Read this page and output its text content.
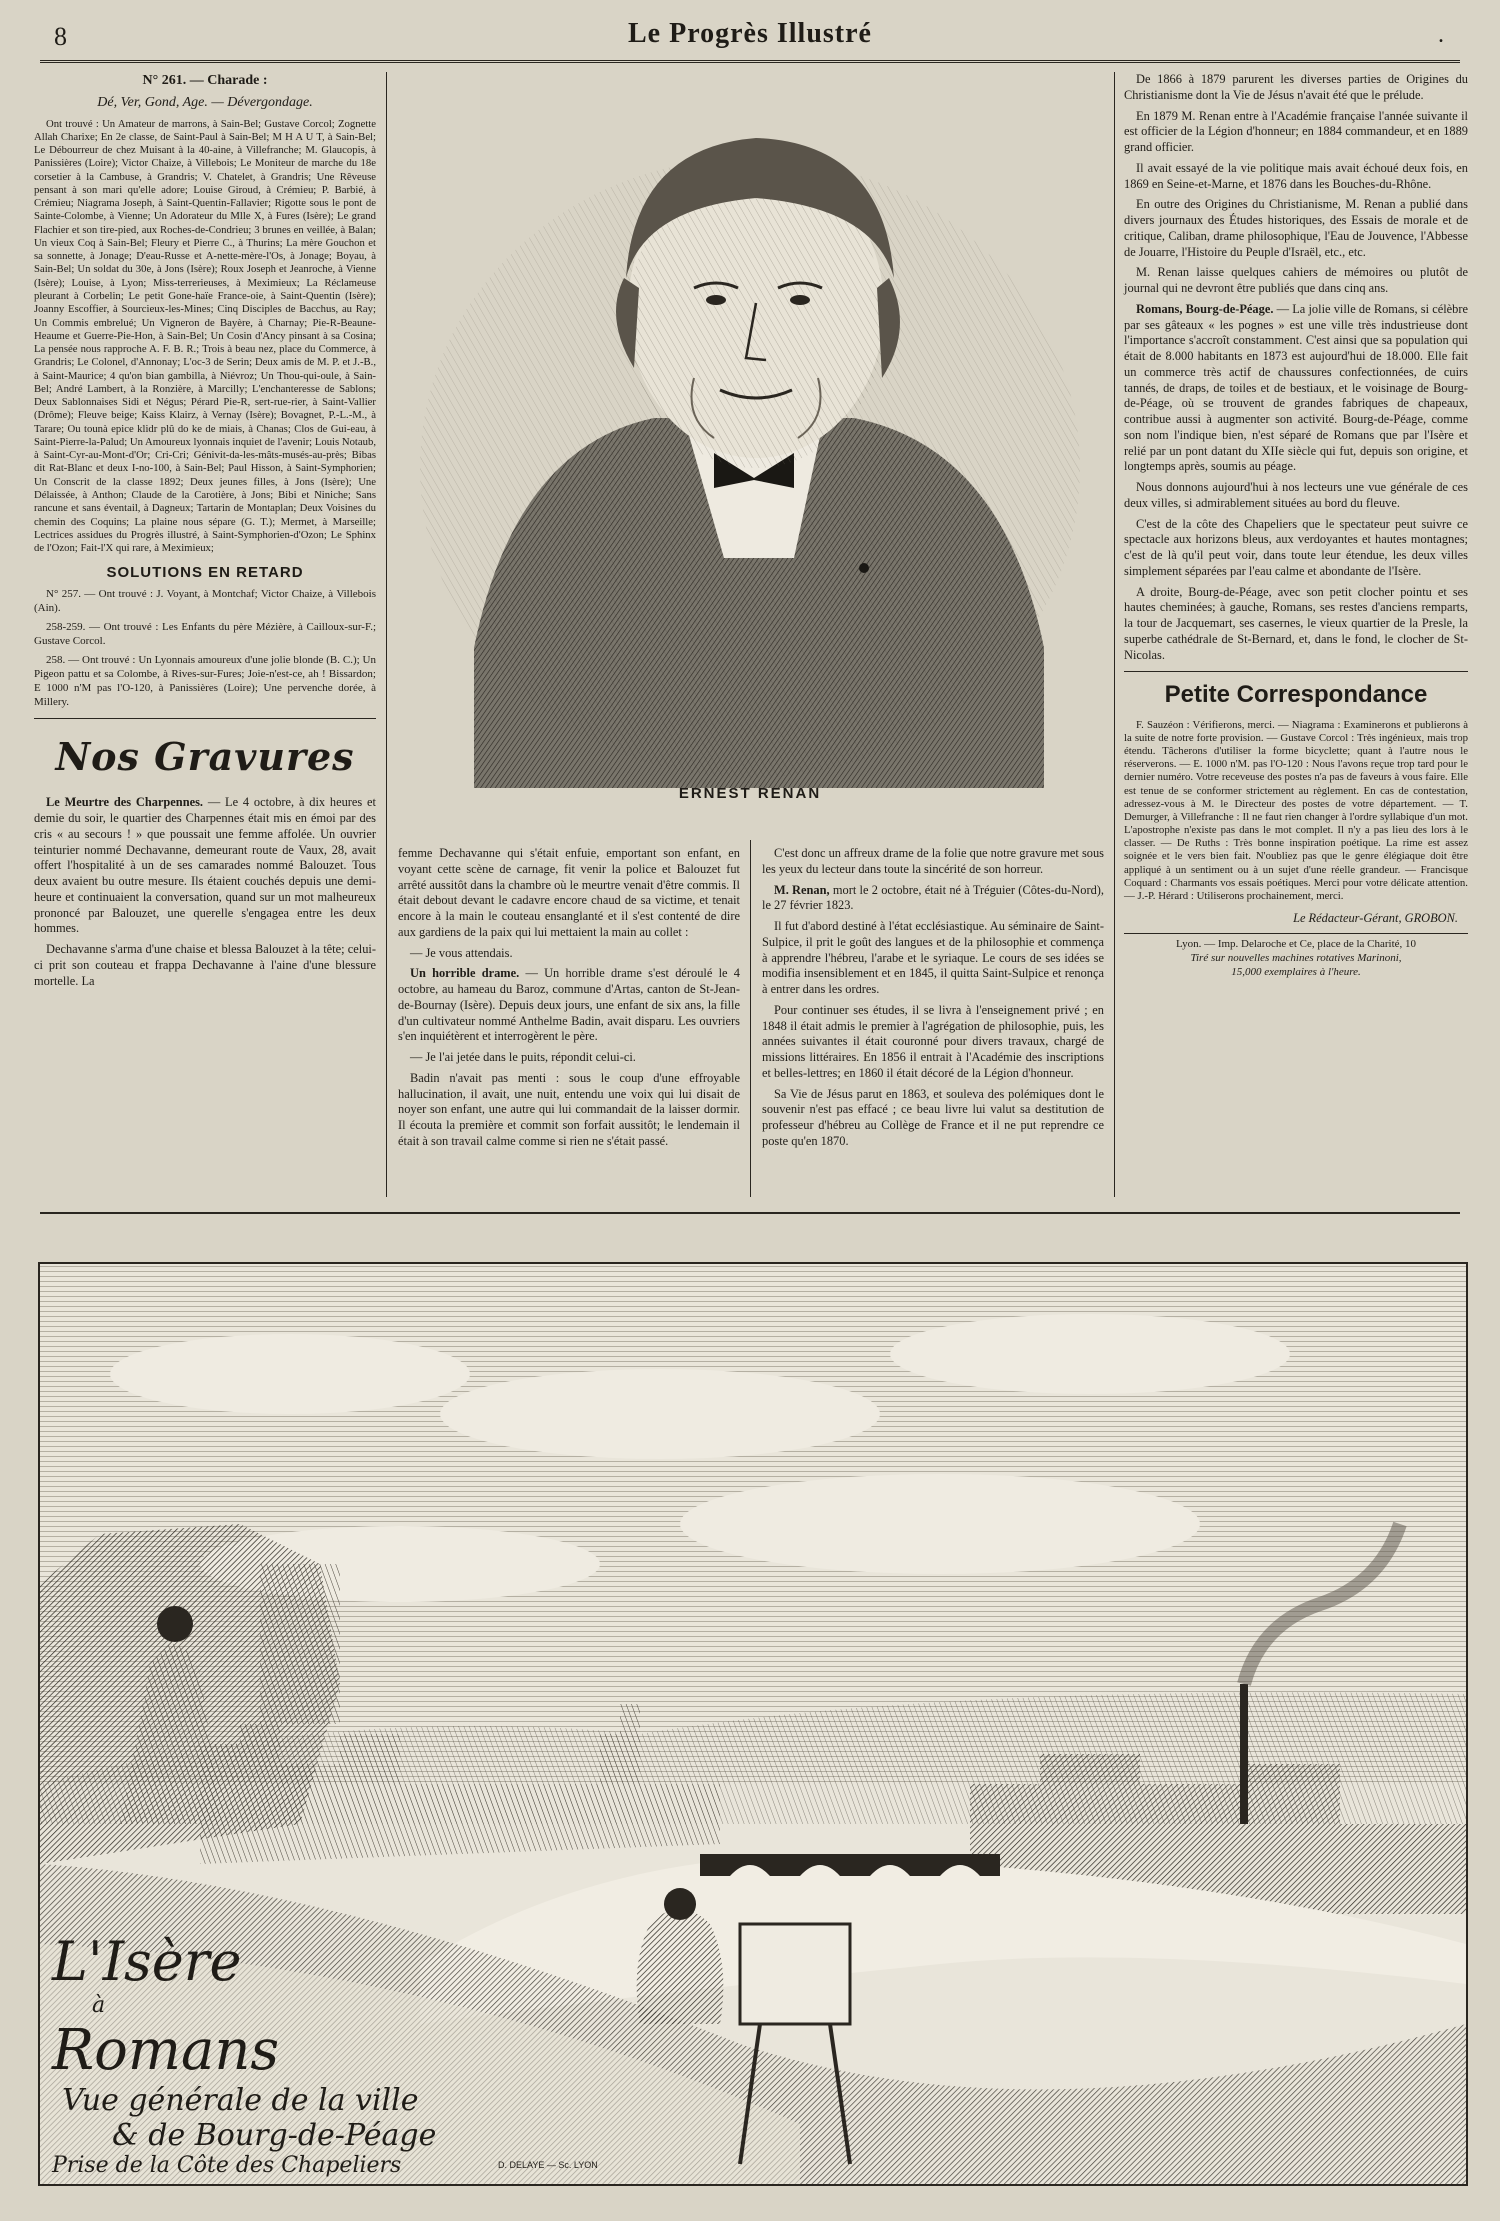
8	Le Progrès Illustré	.
N° 261. — Charade :
Dé, Ver, Gond, Age. — Dévergondage.

Ont trouvé : Un Amateur de marrons, à Sain-Bel; Gustave Corcol; Zognette Allah Charixe; En 2e classe, de Saint-Paul à Sain-Bel; M H A U T, à Sain-Bel; Le Débourreur de chez Muisant à la 40-aine, à Villefranche; M. Glaucopis, à Panissières (Loire); Victor Chaize, à Villebois; Le Moniteur de marche du 18e corsetier à la Cambuse, à Grandris; V. Chatelet, à Grandris; Une Rêveuse pensant à son mari qu'elle adore; Louise Giroud, à Crémieu; P. Barbié, à Crémieu; Niagrama Joseph, à Saint-Quentin-Fallavier; Rigotte sous le pont de Sainte-Colombe, à Vienne; Un Adorateur du Mlle X, à Fures (Isère); Le grand Flachier et son tire-pied, aux Roches-de-Condrieu; 3 brunes en veillée, à Balan; Un vieux Coq à Sain-Bel; Fleury et Pierre C., à Thurins; La mère Gouchon et sa sonnette, à Jonage; D'eau-Russe et A-nette-mère-l'Os, à Jonage; Boyau, à Sain-Bel; Un soldat du 30e, à Jons (Isère); Roux Joseph et Jeanroche, à Vienne (Isère); Louise, à Lyon; Miss-terrerieuses, à Meximieux; La Réclameuse pleurant à Corbelin; Le petit Gone-haïe France-oie, à Saint-Quentin (Isère); Joanny Escoffier, à Sourcieux-les-Mines; Cinq Disciples de Bacchus, au Ray; Un Commis embrelué; Un Vigneron de Bayère, à Charnay; Pie-R-Beaune-Heaume et Guerre-Pie-Hon, à Sain-Bel; Un Cosin d'Ancy pinsant à sa Cosina; La pensée nous rapproche A. F. B. R.; Trois à beau nez, place du Commerce, à Grandris; Le Colonel, d'Annonay; L'oc-3 de Serin; Deux amis de M. P. et J.-B., à Saint-Maurice; 4 qu'on bian gambilla, à Niévroz; Un Thou-qui-oule, à Sain-Bel; André Lambert, à la Ronzière, à Marcilly; L'enchanteresse de Sablons; Deux Sablonnaises Sidi et Négus; Pérard Pie-R, sert-rue-rier, à Saint-Vallier (Drôme); Fleuve beige; Kaiss Klairz, à Vernay (Isère); Bovagnet, P.-L.-M., à Tarare; Ou tounà epice klidr plû do ke de miais, à Chanas; Clos de Gui-eau, à Saint-Pierre-la-Palud; Un Amoureux lyonnais inquiet de l'avenir; Louis Notaub, à Saint-Cyr-au-Mont-d'Or; Cri-Cri; Génivit-da-les-mâts-musés-au-près; Bibas dit Rat-Blanc et deux I-no-100, à Sain-Bel; Paul Hisson, à Saint-Symphorien; Un Conscrit de la classe 1892; Deux jeunes filles, à Jons (Isère); Une Délaissée, à Anthon; Claude de la Carotière, à Jons; Bibi et Niniche; Sans rancune et sans éventail, à Dagneux; Tartarin de Montaplan; Deux Voisines du chemin des Coquins; La plaine nous sépare (G. T.); Mermet, à Marseille; Lectrices assidues du Progrès illustré, à Saint-Symphorien-d'Ozon; Le Sphinx de l'Ozon; Fait-l'X qui rare, à Meximieux;

SOLUTIONS EN RETARD

N° 257. — Ont trouvé : J. Voyant, à Montchaf; Victor Chaize, à Villebois (Ain).

258-259. — Ont trouvé : Les Enfants du père Mézière, à Cailloux-sur-F.; Gustave Corcol.

258. — Ont trouvé : Un Lyonnais amoureux d'une jolie blonde (B. C.); Un Pigeon pattu et sa Colombe, à Rives-sur-Fures; Joie-n'est-ce, ah ! Bissardon; E 1000 n'M pas l'O-120, à Panissières (Loire); Une pervenche dorée, à Millery.

Nos Gravures

Le Meurtre des Charpennes. — Le 4 octobre, à dix heures et demie du soir, le quartier des Charpennes était mis en émoi par des cris « au secours ! » que poussait une femme affolée. Un ouvrier teinturier nommé Dechavanne, demeurant route de Vaux, 28, avait offert l'hospitalité à un de ses camarades nommé Balouzet. Tous deux avaient bu outre mesure. Ils étaient couchés depuis une demi-heure et continuaient la conversation, quand sur un mot malheureux prononcé par Balouzet, une querelle s'engagea entre les deux hommes.

Dechavanne s'arma d'une chaise et blessa Balouzet à la tête; celui-ci prit son couteau et frappa Dechavanne à l'aine d'une blessure mortelle. La

ERNEST RENAN

femme Dechavanne qui s'était enfuie, emportant son enfant, en voyant cette scène de carnage, fit venir la police et Balouzet fut arrêté aussitôt dans la chambre où le meurtre venait d'être commis. Il était debout devant le cadavre encore chaud de sa victime, et tenait encore à la main le couteau ensanglanté et il s'est contenté de dire aux gardiens de la paix qui lui mettaient la main au collet :

— Je vous attendais.

Un horrible drame. — Un horrible drame s'est déroulé le 4 octobre, au hameau du Baroz, commune d'Artas, canton de St-Jean-de-Bournay (Isère). Depuis deux jours, une enfant de six ans, la fille d'un cultivateur nommé Anthelme Badin, avait disparu. Les ouvriers s'en inquiétèrent et interrogèrent le père.

— Je l'ai jetée dans le puits, répondit celui-ci.

Badin n'avait pas menti : sous le coup d'une effroyable hallucination, il avait, une nuit, entendu une voix qui lui disait de noyer son enfant, une autre qui lui commandait de la laisser dormir. Il écouta la première et commit son forfait aussitôt; le lendemain il était à son travail calme comme si rien ne s'était passé.

C'est donc un affreux drame de la folie que notre gravure met sous les yeux du lecteur dans toute la sincérité de son horreur.

M. Renan, mort le 2 octobre, était né à Tréguier (Côtes-du-Nord), le 27 février 1823.

Il fut d'abord destiné à l'état ecclésiastique. Au séminaire de Saint-Sulpice, il prit le goût des langues et de la philosophie et commença à apprendre l'hébreu, l'arabe et le syriaque. Le cours de ses idées se modifia insensiblement et en 1845, il quitta Saint-Sulpice et renonça à entrer dans les ordres.

Pour continuer ses études, il se livra à l'enseignement privé ; en 1848 il était admis le premier à l'agrégation de philosophie, puis, les années suivantes il était couronné pour divers travaux, chargé de missions littéraires. En 1856 il entrait à l'Académie des inscriptions et belles-lettres; en 1860 il était décoré de la Légion d'honneur.

Sa Vie de Jésus parut en 1863, et souleva des polémiques dont le souvenir n'est pas effacé ; ce beau livre lui valut sa destitution de professeur d'hébreu au Collège de France et il ne put reprendre ce poste qu'en 1870.

De 1866 à 1879 parurent les diverses parties de Origines du Christianisme dont la Vie de Jésus n'avait été que le prélude.

En 1879 M. Renan entre à l'Académie française l'année suivante il est officier de la Légion d'honneur; en 1884 commandeur, et en 1889 grand officier.

Il avait essayé de la vie politique mais avait échoué deux fois, en 1869 en Seine-et-Marne, et 1876 dans les Bouches-du-Rhône.

En outre des Origines du Christianisme, M. Renan a publié dans divers journaux des Études historiques, des Essais de morale et de critique, Caliban, drame philosophique, l'Eau de Jouvence, l'Abbesse de Jouarre, l'Histoire du Peuple d'Israël, etc., etc.

M. Renan laisse quelques cahiers de mémoires ou plutôt de journal qui ne devront être publiés que dans cinq ans.

Romans, Bourg-de-Péage. — La jolie ville de Romans, si célèbre par ses gâteaux « les pognes » est une ville très industrieuse dont l'importance s'accroît constamment. C'est ainsi que sa population qui était de 8.000 habitants en 1873 est aujourd'hui de 18.000. Elle fait un commerce très actif de chaussures confectionnées, de cuirs tannés, de draps, de toiles et de bestiaux, et le voisinage de Bourg-de-Péage, où se trouvent de grandes fabriques de chapeaux, contribue aussi à augmenter son activité. Bourg-de-Péage, comme son nom l'indique bien, n'est séparé de Romans que par l'Isère et relié par un pont datant du XIIe siècle qui fut, depuis son origine, et longtemps après, soumis au péage.

Nous donnons aujourd'hui à nos lecteurs une vue générale de ces deux villes, si admirablement situées au bord du fleuve.

C'est de la côte des Chapeliers que le spectateur peut suivre ce spectacle aux horizons bleus, aux verdoyantes et hautes montagnes; c'est de là qu'il peut voir, dans toute leur étendue, les deux villes simplement séparées par l'eau calme et abondante de l'Isère.

A droite, Bourg-de-Péage, avec son petit clocher pointu et ses hautes cheminées; à gauche, Romans, ses restes d'anciens remparts, la tour de Jacquemart, ses casernes, le vieux quartier de la Presle, la superbe cathédrale de St-Bernard, et, dans le fond, le clocher de St-Nicolas.

Petite Correspondance

F. Sauzéon : Vérifierons, merci. — Niagrama : Examinerons et publierons à la suite de notre forte provision. — Gustave Corcol : Très ingénieux, mais trop étendu. Tâcherons d'utiliser la forme bicyclette; quant à l'autre nous le réserverons. — E. 1000 n'M. pas l'O-120 : Nous l'avons reçue trop tard pour le dernier numéro. Votre receveuse des postes n'a pas de faveurs à vous faire. Elle est tenue de se conformer strictement au règlement. En cas de contestation, adressez-vous à M. le Directeur des postes de votre département. — T. Demurger, à Villefranche : Il ne faut rien changer à l'ordre syllabique d'un mot. L'apostrophe n'existe pas dans le mot complet. Il n'y a pas lieu des lors à le classer. — De Ruths : Très bonne inspiration poétique. La rime est assez soignée et le vers bien fait. N'oubliez pas que le genre élégiaque doit être appliqué à un sentiment ou à un sujet d'une réelle grandeur. — Francisque Coquard : Charmants vos essais poétiques. Merci pour votre délicate attention. — J.-P. Hérard : Utiliserons prochainement, merci.

Le Rédacteur-Gérant, GROBON.
Lyon. — Imp. Delaroche et Ce, place de la Charité, 10
Tiré sur nouvelles machines rotatives Marinoni,
15,000 exemplaires à l'heure.
L'Isère
à
Romans
Vue générale de la ville
& de Bourg-de-Péage
Prise de la Côte des Chapeliers	D. DELAYE — Sc. LYON
